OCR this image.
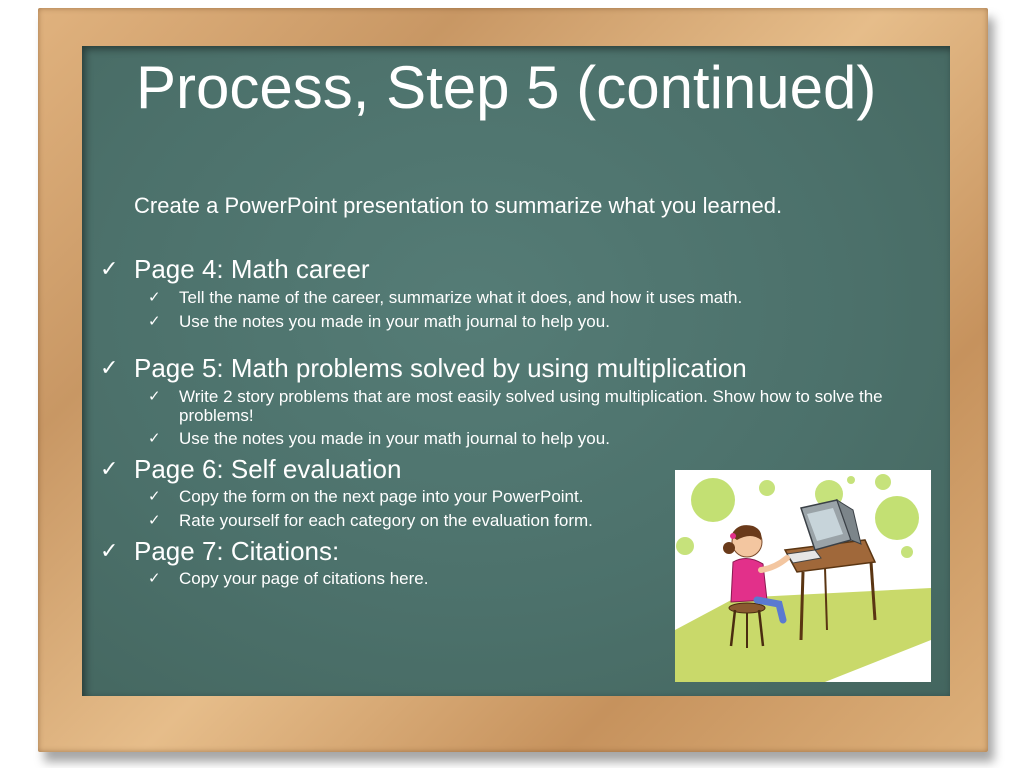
Process, Step 5 (continued)
Create a PowerPoint presentation to summarize what you learned.
✓ Page 4: Math career
✓ Tell the name of the career, summarize what it does, and how it uses math.
✓ Use the notes you made in your math journal to help you.
✓ Page 5: Math problems solved by using multiplication
✓ Write 2 story problems that are most easily solved using multiplication. Show how to solve the problems!
✓ Use the notes you made in your math journal to help you.
✓ Page 6: Self evaluation
✓ Copy the form on the next page into your PowerPoint.
✓ Rate yourself for each category on the evaluation form.
✓ Page 7: Citations:
✓ Copy your page of citations here.
